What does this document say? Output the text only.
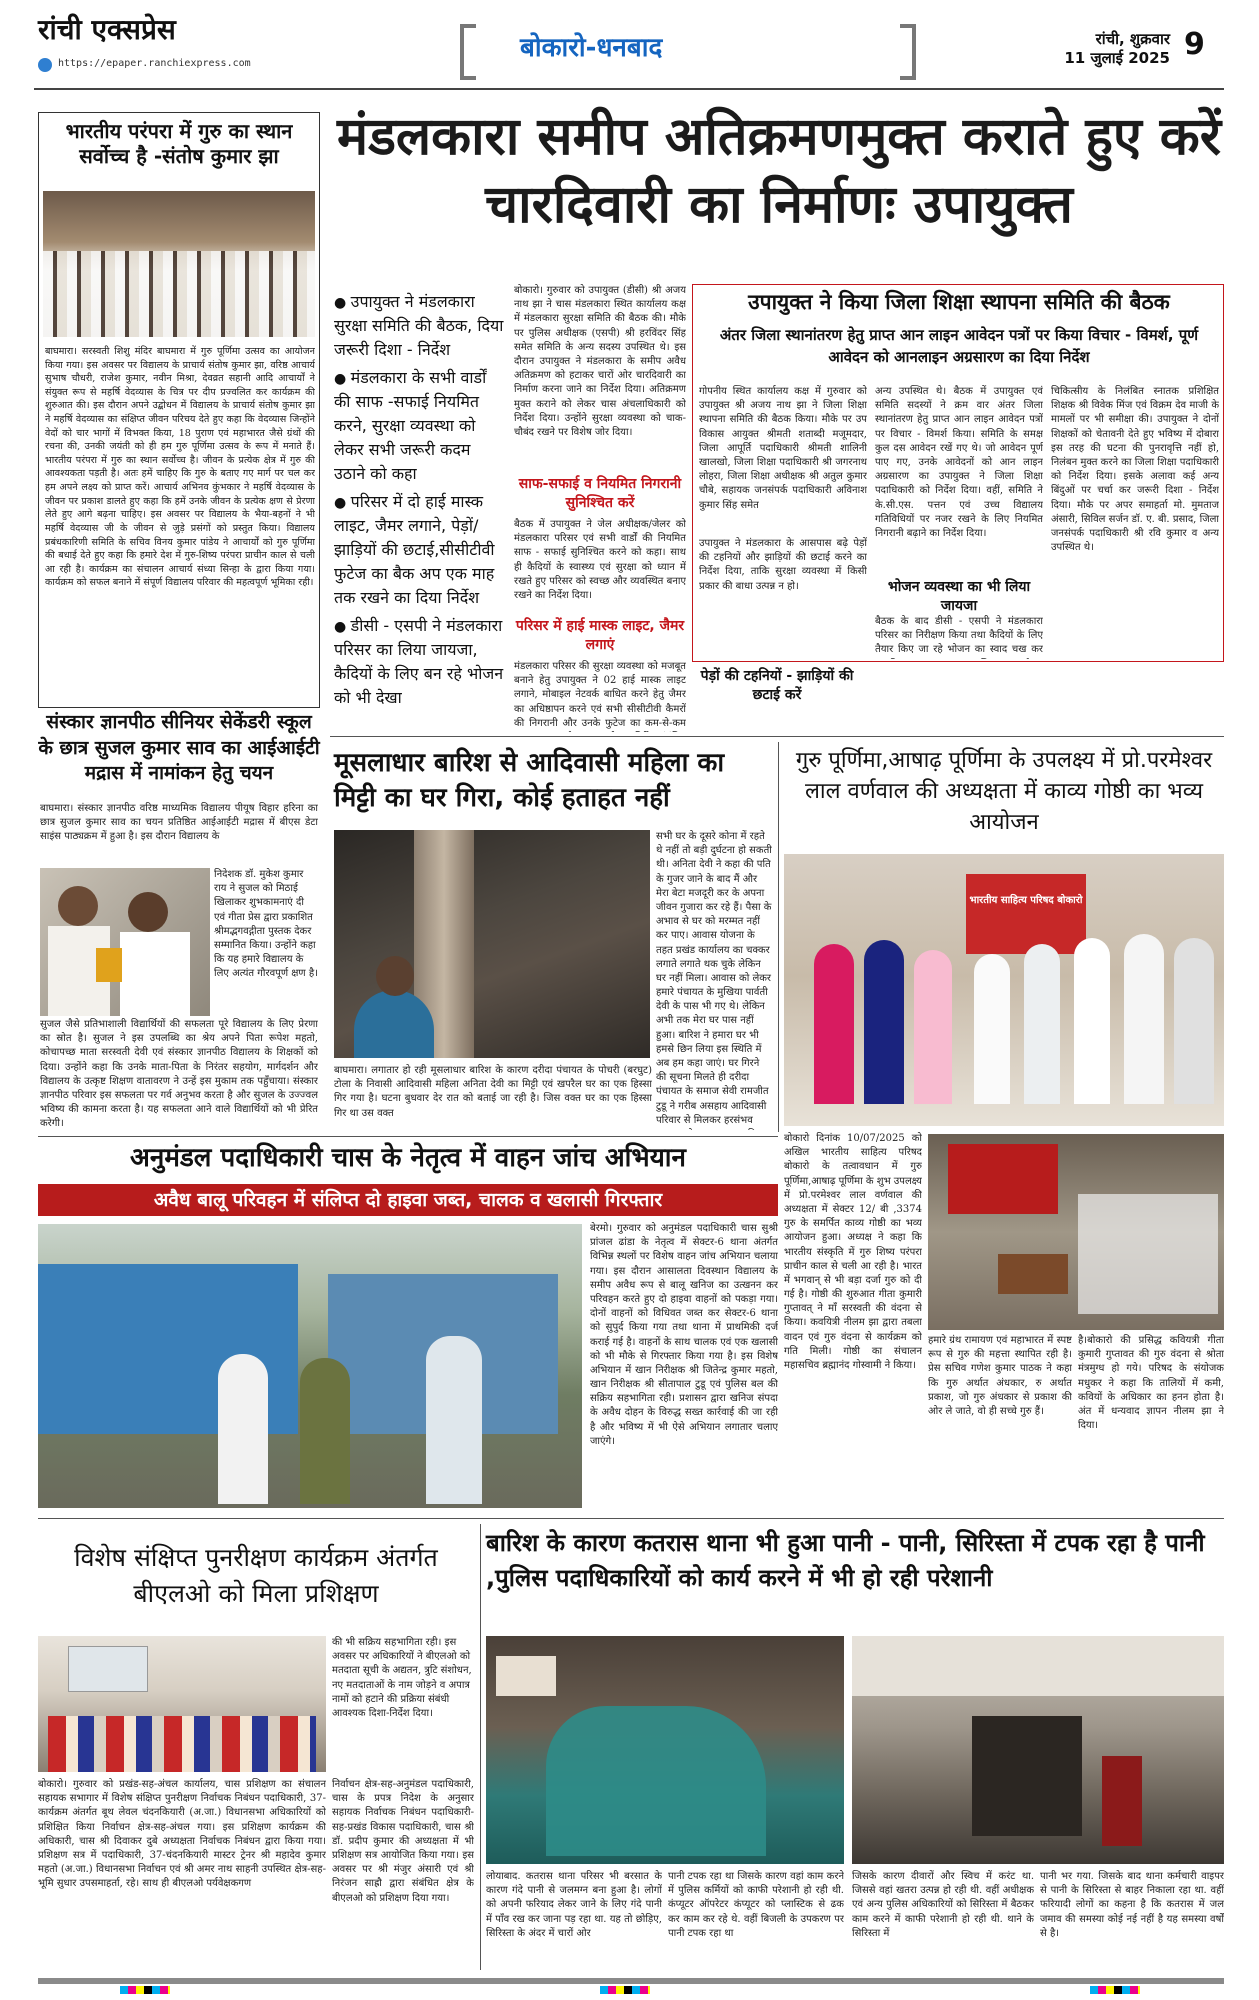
रांची एक्सप्रेस
https://epaper.ranchiexpress.com
बोकारो-धनबाद	रांची, शुक्रवार
11 जुलाई 2025 9
भारतीय परंपरा में गुरु का स्थान सर्वोच्च है -संतोष कुमार झा
बाघमारा। सरस्वती शिशु मंदिर बाघमारा में गुरु पूर्णिमा उत्सव का आयोजन किया गया। इस अवसर पर विद्यालय के प्राचार्य संतोष कुमार झा, वरिष्ठ आचार्य सुभाष चौधरी, राजेश कुमार, नवीन मिश्रा, देवव्रत सहानी आदि आचार्यों ने संयुक्त रूप से महर्षि वेदव्यास के चित्र पर दीप प्रज्वलित कर कार्यक्रम की शुरुआत की। इस दौरान अपने उद्बोधन में विद्यालय के प्राचार्य संतोष कुमार झा ने महर्षि वेदव्यास का संक्षिप्त जीवन परिचय देते हुए कहा कि वेदव्यास जिन्होंने वेदों को चार भागों में विभक्त किया, 18 पुराण एवं महाभारत जैसे ग्रंथों की रचना की, उनकी जयंती को ही हम गुरु पूर्णिमा उत्सव के रूप में मनाते हैं। भारतीय परंपरा में गुरु का स्थान सर्वोच्च है। जीवन के प्रत्येक क्षेत्र में गुरु की आवश्यकता पड़ती है। अतः हमें चाहिए कि गुरु के बताए गए मार्ग पर चल कर हम अपने लक्ष्य को प्राप्त करें। आचार्य अभिनव कुंभकार ने महर्षि वेदव्यास के जीवन पर प्रकाश डालते हुए कहा कि हमें उनके जीवन के प्रत्येक क्षण से प्रेरणा लेते हुए आगे बढ़ना चाहिए। इस अवसर पर विद्यालय के भैया-बहनों ने भी महर्षि वेदव्यास जी के जीवन से जुड़े प्रसंगों को प्रस्तुत किया। विद्यालय प्रबंधकारिणी समिति के सचिव विनय कुमार पांडेय ने आचार्यों को गुरु पूर्णिमा की बधाई देते हुए कहा कि हमारे देश में गुरु-शिष्य परंपरा प्राचीन काल से चली आ रही है। कार्यक्रम का संचालन आचार्य संध्या सिन्हा के द्वारा किया गया। कार्यक्रम को सफल बनाने में संपूर्ण विद्यालय परिवार की महत्वपूर्ण भूमिका रही।
संस्कार ज्ञानपीठ सीनियर सेकेंडरी स्कूल के छात्र सुजल कुमार साव का आईआईटी मद्रास में नामांकन हेतु चयन
बाघमारा। संस्कार ज्ञानपीठ वरिष्ठ माध्यमिक विद्यालय पीयूष विहार हरिना का छात्र सुजल कुमार साव का चयन प्रतिष्ठित आईआईटी मद्रास में बीएस डेटा साइंस पाठ्यक्रम में हुआ है। इस दौरान विद्यालय के
निदेशक डॉ. मुकेश कुमार राय ने सुजल को मिठाई खिलाकर शुभकामनाएं दी एवं गीता प्रेस द्वारा प्रकाशित श्रीमद्भगवद्गीता पुस्तक देकर सम्मानित किया। उन्होंने कहा कि यह हमारे विद्यालय के लिए अत्यंत गौरवपूर्ण क्षण है।
सुजल जैसे प्रतिभाशाली विद्यार्थियों की सफलता पूरे विद्यालय के लिए प्रेरणा का स्रोत है। सुजल ने इस उपलब्धि का श्रेय अपने पिता रूपेश महतो, कोचापच्छ माता सरस्वती देवी एवं संस्कार ज्ञानपीठ विद्यालय के शिक्षकों को दिया। उन्होंने कहा कि उनके माता-पिता के निरंतर सहयोग, मार्गदर्शन और विद्यालय के उत्कृष्ट शिक्षण वातावरण ने उन्हें इस मुकाम तक पहुँचाया। संस्कार ज्ञानपीठ परिवार इस सफलता पर गर्व अनुभव करता है और सुजल के उज्ज्वल भविष्य की कामना करता है। यह सफलता आने वाले विद्यार्थियों को भी प्रेरित करेगी।
मंडलकारा समीप अतिक्रमणमुक्त कराते हुए करें चारदिवारी का निर्माणः उपायुक्त
● उपायुक्त ने मंडलकारा सुरक्षा समिति की बैठक, दिया जरूरी दिशा - निर्देश
● मंडलकारा के सभी वार्डों की साफ -सफाई नियमित करने, सुरक्षा व्यवस्था को लेकर सभी जरूरी कदम उठाने को कहा
● परिसर में दो हाई मास्क लाइट, जैमर लगाने, पेड़ों/झाड़ियों की छटाई,सीसीटीवी फुटेज का बैक अप एक माह तक रखने का दिया निर्देश
● डीसी - एसपी ने मंडलकारा परिसर का लिया जायजा, कैदियों के लिए बन रहे भोजन को भी देखा
बोकारो। गुरुवार को उपायुक्त (डीसी) श्री अजय नाथ झा ने चास मंडलकारा स्थित कार्यालय कक्ष में मंडलकारा सुरक्षा समिति की बैठक की। मौके पर पुलिस अधीक्षक (एसपी) श्री हरविंदर सिंह समेत समिति के अन्य सदस्य उपस्थित थे। इस दौरान उपायुक्त ने मंडलकारा के समीप अवैध अतिक्रमण को हटाकर चारों ओर चारदिवारी का निर्माण करना जाने का निर्देश दिया। अतिक्रमण मुक्त कराने को लेकर चास अंचलाधिकारी को निर्देश दिया। उन्होंने सुरक्षा व्यवस्था को चाक-चौबंद रखने पर विशेष जोर दिया।
साफ-सफाई व नियमित निगरानी सुनिश्चित करें
बैठक में उपायुक्त ने जेल अधीक्षक/जेलर को मंडलकारा परिसर एवं सभी वार्डों की नियमित साफ - सफाई सुनिश्चित करने को कहा। साथ ही कैदियों के स्वास्थ्य एवं सुरक्षा को ध्यान में रखते हुए परिसर को स्वच्छ और व्यवस्थित बनाए रखने का निर्देश दिया।
परिसर में हाई मास्क लाइट, जैमर लगाएं
मंडलकारा परिसर की सुरक्षा व्यवस्था को मजबूत बनाने हेतु उपायुक्त ने 02 हाई मास्क लाइट लगाने, मोबाइल नेटवर्क बाधित करने हेतु जैमर का अधिष्ठापन करने एवं सभी सीसीटीवी कैमरों की निगरानी और उनके फुटेज का कम-से-कम
उपायुक्त ने किया जिला शिक्षा स्थापना समिति की बैठक
अंतर जिला स्थानांतरण हेतु प्राप्त आन लाइन आवेदन पत्रों पर किया विचार - विमर्श, पूर्ण आवेदन को आनलाइन अग्रसारण का दिया निर्देश
गोपनीय स्थित कार्यालय कक्ष में गुरुवार को उपायुक्त श्री अजय नाथ झा ने जिला शिक्षा स्थापना समिति की बैठक किया। मौके पर उप विकास आयुक्त श्रीमती शताब्दी मजूमदार, जिला आपूर्ति पदाधिकारी श्रीमती शालिनी खालखो, जिला शिक्षा पदाधिकारी श्री जगरनाथ लोहरा, जिला शिक्षा अधीक्षक श्री अतुल कुमार चौबे, सहायक जनसंपर्क पदाधिकारी अविनाश कुमार सिंह समेत
अन्य उपस्थित थे। बैठक में उपायुक्त एवं समिति सदस्यों ने क्रम वार अंतर जिला स्थानांतरण हेतु प्राप्त आन लाइन आवेदन पत्रों पर विचार - विमर्श किया। समिति के समक्ष कुल दस आवेदन रखें गए थे। जो आवेदन पूर्ण पाए गए, उनके आवेदनों को आन लाइन अग्रसारण का उपायुक्त ने जिला शिक्षा पदाधिकारी को निर्देश दिया। वहीं, समिति ने के.सी.एस. पत्तन एवं उच्च विद्यालय गतिविधियों पर नजर रखने के लिए नियमित निगरानी बढ़ाने का निर्देश दिया।
चिकित्सीय के निलंबित स्नातक प्रशिक्षित शिक्षक श्री विवेक मिंज एवं विक्रम देव माजी के मामलों पर भी समीक्षा की। उपायुक्त ने दोनों शिक्षकों को चेतावनी देते हुए भविष्य में दोबारा इस तरह की घटना की पुनरावृत्ति नहीं हो, निलंबन मुक्त करने का जिला शिक्षा पदाधिकारी को निर्देश दिया। इसके अलावा कई अन्य बिंदुओं पर चर्चा कर जरूरी दिशा - निर्देश दिया। मौके पर अपर समाहर्ता मो. मुमताज अंसारी, सिविल सर्जन डॉ. ए. बी. प्रसाद, जिला जनसंपर्क पदाधिकारी श्री रवि कुमार व अन्य उपस्थित थे।
उपायुक्त ने मंडलकारा के आसपास बढ़े पेड़ों की टहनियों और झाड़ियों की छटाई करने का निर्देश दिया, ताकि सुरक्षा व्यवस्था में किसी प्रकार की बाधा उत्पन्न न हो।	भोजन व्यवस्था का भी लिया जायजा
बैठक के बाद डीसी - एसपी ने मंडलकारा परिसर का निरीक्षण किया तथा कैदियों के लिए तैयार किए जा रहे भोजन का स्वाद चख कर
पेड़ों की टहनियों - झाड़ियों की छटाई करें
मूसलाधार बारिश से आदिवासी महिला का मिट्टी का घर गिरा, कोई हताहत नहीं
सभी घर के दूसरे कोना में रहते थे नहीं तो बड़ी दुर्घटना हो सकती थी। अनिता देवी ने कहा की पति के गुजर जाने के बाद मैं और मेरा बेटा मजदूरी कर के अपना जीवन गुजारा कर रहे हैं। पैसा के अभाव से घर को मरम्मत नहीं कर पाए। आवास योजना के तहत प्रखंड कार्यालय का चक्कर लगाते लगाते थक चुके लेकिन घर नहीं मिला। आवास को लेकर हमारे पंचायत के मुखिया पार्वती देवी के पास भी गए थे। लेकिन अभी तक मेरा घर पास नहीं हुआ। बारिश ने हमारा घर भी हमसे छिन लिया इस स्थिति में अब हम कहा जाएं। घर गिरने की सूचना मिलते ही दरीदा पंचायत के समाज सेवी रामजीत टुडू ने गरीब असहाय आदिवासी परिवार से मिलकर हरसंभव
बाघमारा। लगातार हो रही मूसलाधार बारिश के कारण दरीदा पंचायत के पोचरी (बरघुट) टोला के निवासी आदिवासी महिला अनिता देवी का मिट्टी एवं खपरैल घर का एक हिस्सा गिर गया है। घटना बुधवार देर रात को बताई जा रही है। जिस वक्त घर का एक हिस्सा गिर था उस वक्त
गुरु पूर्णिमा,आषाढ़ पूर्णिमा के उपलक्ष्य में प्रो.परमेश्वर लाल वर्णवाल की अध्यक्षता में काव्य गोष्ठी का भव्य आयोजन
भारतीय साहित्य परिषद बोकारो
बोकारो दिनांक 10/07/2025 को अखिल भारतीय साहित्य परिषद बोकारो के तत्वावधान में गुरु पूर्णिमा,आषाढ़ पूर्णिमा के शुभ उपलक्ष्य में प्रो.परमेश्वर लाल वर्णवाल की अध्यक्षता में सेक्टर 12/ बी ,3374 गुरु के समर्पित काव्य गोष्ठी का भव्य आयोजन हुआ। अध्यक्ष ने कहा कि भारतीय संस्कृति में गुरु शिष्य परंपरा प्राचीन काल से चली आ रही है। भारत में भगवान् से भी बड़ा दर्जा गुरु को दी गई है। गोष्ठी की शुरुआत गीता कुमारी गुप्तावत् ने माँ सरस्वती की वंदना से किया। कवयित्री नीलम झा द्वारा तबला वादन एवं गुरु वंदना से कार्यक्रम को गति मिली। गोष्ठी का संचालन महासचिव ब्रह्मानंद गोस्वामी ने किया।
हमारे ग्रंथ रामायण एवं महाभारत में स्पष्ट रूप से गुरु की महत्ता स्थापित रही है। प्रेस सचिव गणेश कुमार पाठक ने कहा कि गुरु अर्थात अंधकार, रु अर्थात प्रकाश, जो गुरु अंधकार से प्रकाश की ओर ले जाते, वो ही सच्चे गुरु हैं।
है।बोकारो की प्रसिद्ध कवियत्री गीता कुमारी गुप्तावत की गुरु वंदना से श्रोता मंत्रमुग्ध हो गये। परिषद के संयोजक मधुकर ने कहा कि तालियों में कमी, कवियों के अधिकार का हनन होता है। अंत में धन्यवाद ज्ञापन नीलम झा ने दिया।
अनुमंडल पदाधिकारी चास के नेतृत्व में वाहन जांच अभियान
अवैध बालू परिवहन में संलिप्त दो हाइवा जब्त, चालक व खलासी गिरफ्तार
बेरमो। गुरुवार को अनुमंडल पदाधिकारी चास सुश्री प्रांजल ढांडा के नेतृत्व में सेक्टर-6 थाना अंतर्गत विभिन्न स्थलों पर विशेष वाहन जांच अभियान चलाया गया। इस दौरान आसालता दिवस्थान विद्यालय के समीप अवैध रूप से बालू खनिज का उत्खनन कर परिवहन करते हुए दो हाइवा वाहनों को पकड़ा गया। दोनों वाहनों को विधिवत जब्त कर सेक्टर-6 थाना को सुपुर्द किया गया तथा थाना में प्राथमिकी दर्ज कराई गई है। वाहनों के साथ चालक एवं एक खलासी को भी मौके से गिरफ्तार किया गया है। इस विशेष अभियान में खान निरीक्षक श्री जितेन्द्र कुमार महतो, खान निरीक्षक श्री सीतापाल टुडू एवं पुलिस बल की सक्रिय सहभागिता रही। प्रशासन द्वारा खनिज संपदा के अवैध दोहन के विरुद्ध सख्त कार्रवाई की जा रही है और भविष्य में भी ऐसे अभियान लगातार चलाए जाएंगे।
विशेष संक्षिप्त पुनरीक्षण कार्यक्रम अंतर्गत बीएलओ को मिला प्रशिक्षण
की भी सक्रिय सहभागिता रही। इस अवसर पर अधिकारियों ने बीएलओ को मतदाता सूची के अद्यतन, त्रुटि संशोधन, नए मतदाताओं के नाम जोड़ने व अपात्र नामों को हटाने की प्रक्रिया संबंधी आवश्यक दिशा-निर्देश दिया।
बोकारो। गुरुवार को प्रखंड-सह-अंचल कार्यालय, चास प्रशिक्षण का संचालन सहायक सभागार में विशेष संक्षिप्त पुनरीक्षण निर्वाचक निबंधन पदाधिकारी, 37-कार्यक्रम अंतर्गत बूथ लेवल चंदनकियारी (अ.जा.) विधानसभा अधिकारियों को प्रशिक्षित किया निर्वाचन क्षेत्र-सह-अंचल गया। इस प्रशिक्षण कार्यक्रम की अधिकारी, चास श्री दिवाकर दुबे अध्यक्षता निर्वाचक निबंधन द्वारा किया गया। प्रशिक्षण सत्र में पदाधिकारी, 37-चंदनकियारी मास्टर ट्रेनर श्री महादेव कुमार महतो (अ.जा.) विधानसभा निर्वाचन एवं श्री अमर नाथ साहनी उपस्थित क्षेत्र-सह-भूमि सुधार उपसमाहर्ता, रहे। साथ ही बीएलओ पर्यवेक्षकगण
निर्वाचन क्षेत्र-सह-अनुमंडल पदाधिकारी, चास के प्रपत्र निदेश के अनुसार सहायक निर्वाचक निबंधन पदाधिकारी-सह-प्रखंड विकास पदाधिकारी, चास श्री डॉ. प्रदीप कुमार की अध्यक्षता में भी प्रशिक्षण सत्र आयोजित किया गया। इस अवसर पर श्री मंजुर अंसारी एवं श्री निरंजन साह्रौ द्वारा संबंधित क्षेत्र के बीएलओ को प्रशिक्षण दिया गया।
बारिश के कारण कतरास थाना भी हुआ पानी - पानी, सिरिस्ता में टपक रहा है पानी ,पुलिस पदाधिकारियों को कार्य करने में भी हो रही परेशानी
लोयाबाद. कतरास थाना परिसर भी बरसात के कारण गंदे पानी से जलमग्न बना हुआ है। लोगों को अपनी फरियाद लेकर जाने के लिए गंदे पानी में पाँव रख कर जाना पड़ रहा था. यह तो छोड़िए, सिरिस्ता के अंदर में चारों ओर
पानी टपक रहा था जिसके कारण वहां काम करने में पुलिस कर्मियों को काफी परेशानी हो रही थी. कंप्यूटर ऑपरेटर कंप्यूटर को प्लास्टिक से ढक कर काम कर रहे थे. वहीं बिजली के उपकरण पर पानी टपक रहा था
जिसके कारण दीवारों और स्विच में करंट था. जिससे वहां खतरा उत्पन्न हो रही थी. वहीं अधीक्षक एवं अन्य पुलिस अधिकारियों को सिरिस्ता में बैठकर काम करने में काफी परेशानी हो रही थी. थाने के सिरिस्ता में
पानी भर गया. जिसके बाद थाना कर्मचारी वाइपर से पानी के सिरिस्ता से बाहर निकाला रहा था. वहीं फरियादी लोगों का कहना है कि कतरास में जल जमाव की समस्या कोई नई नहीं है यह समस्या वर्षों से है।
